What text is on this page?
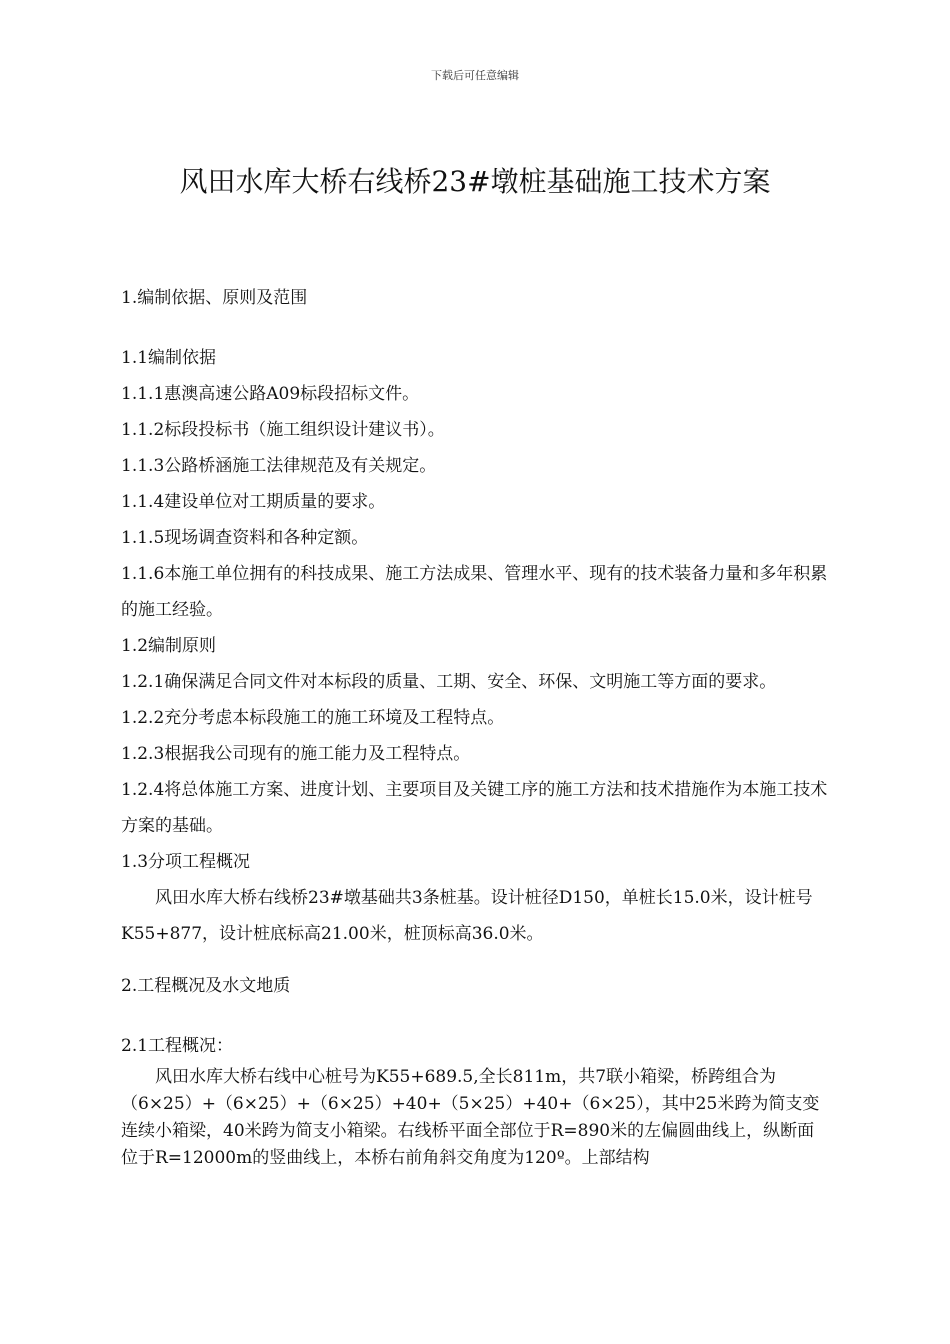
下载后可任意编辑
风田水库大桥右线桥23#墩桩基础施工技术方案
1.编制依据、原则及范围
1.1编制依据
1.1.1惠澳高速公路A09标段招标文件。
1.1.2标段投标书（施工组织设计建议书）。
1.1.3公路桥涵施工法律规范及有关规定。
1.1.4建设单位对工期质量的要求。
1.1.5现场调查资料和各种定额。
1.1.6本施工单位拥有的科技成果、施工方法成果、管理水平、现有的技术装备力量和多年积累的施工经验。
1.2编制原则
1.2.1确保满足合同文件对本标段的质量、工期、安全、环保、文明施工等方面的要求。
1.2.2充分考虑本标段施工的施工环境及工程特点。
1.2.3根据我公司现有的施工能力及工程特点。
1.2.4将总体施工方案、进度计划、主要项目及关键工序的施工方法和技术措施作为本施工技术方案的基础。
1.3分项工程概况
风田水库大桥右线桥23#墩基础共3条桩基。设计桩径D150，单桩长15.0米，设计桩号K55+877，设计桩底标高21.00米，桩顶标高36.0米。
2.工程概况及水文地质
2.1工程概况：
风田水库大桥右线中心桩号为K55+689.5,全长811m，共7联小箱梁，桥跨组合为（6×25）+（6×25）+（6×25）+40+（5×25）+40+（6×25），其中25米跨为简支变连续小箱梁，40米跨为简支小箱梁。右线桥平面全部位于R=890米的左偏圆曲线上，纵断面位于R=12000m的竖曲线上，本桥右前角斜交角度为120º。上部结构
